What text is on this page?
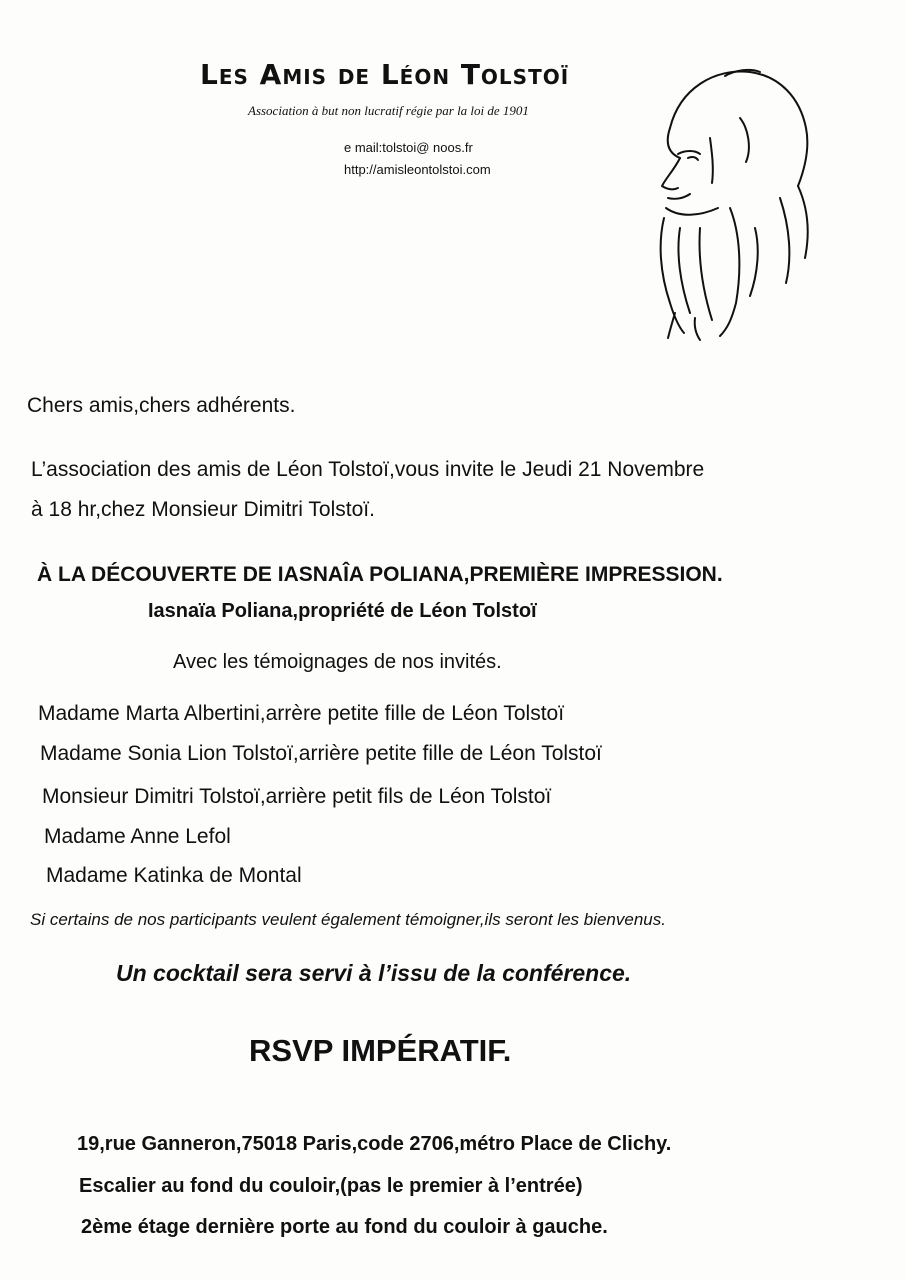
Les Amis de Léon Tolstoï
Association à but non lucratif régie par la loi de 1901
e mail:tolstoi@ noos.fr
http://amisleontolstoi.com
Chers amis,chers adhérents.
L’association des amis de Léon Tolstoï,vous invite le Jeudi 21 Novembre
à 18 hr,chez Monsieur Dimitri Tolstoï.
À LA DÉCOUVERTE DE IASNAÎA POLIANA,PREMIÈRE IMPRESSION.
Iasnaïa Poliana,propriété de Léon Tolstoï
Avec les témoignages de nos invités.
Madame Marta Albertini,arrère petite fille de Léon Tolstoï
Madame Sonia Lion Tolstoï,arrière petite fille de Léon Tolstoï
Monsieur Dimitri Tolstoï,arrière petit fils de Léon Tolstoï
Madame Anne Lefol
Madame Katinka de Montal
Si certains de nos participants veulent également témoigner,ils seront les bienvenus.
Un cocktail sera servi à l’issu de la conférence.
RSVP IMPÉRATIF.
19,rue Ganneron,75018 Paris,code 2706,métro Place de Clichy.
Escalier au fond du couloir,(pas le premier à l’entrée)
2ème étage dernière porte au fond du couloir à gauche.
